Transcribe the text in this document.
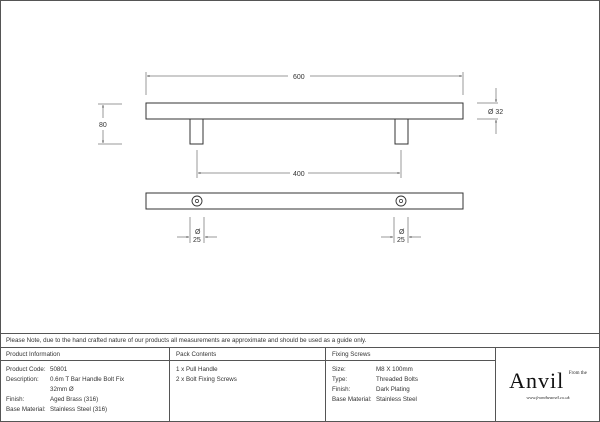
600
80
Ø 32
400
Ø
25
Ø
25
Please Note, due to the hand crafted nature of our products all measurements are approximate and should be used as a guide only.
Product Information
Product Code: 50801
Description:	0.6m T Bar Handle Bolt Fix
32mm Ø
Finish:	Aged Brass (316)
Base Material: Stainless Steel (316)
Pack Contents
1 x Pull Handle
2 x Bolt Fixing Screws
Fixing Screws
Size:	M8 X 100mm
Type:	Threaded Bolts
Finish:	Dark Plating
Base Material: Stainless Steel
Anvil $^{From the}$
www.fromtheanvil.co.uk
